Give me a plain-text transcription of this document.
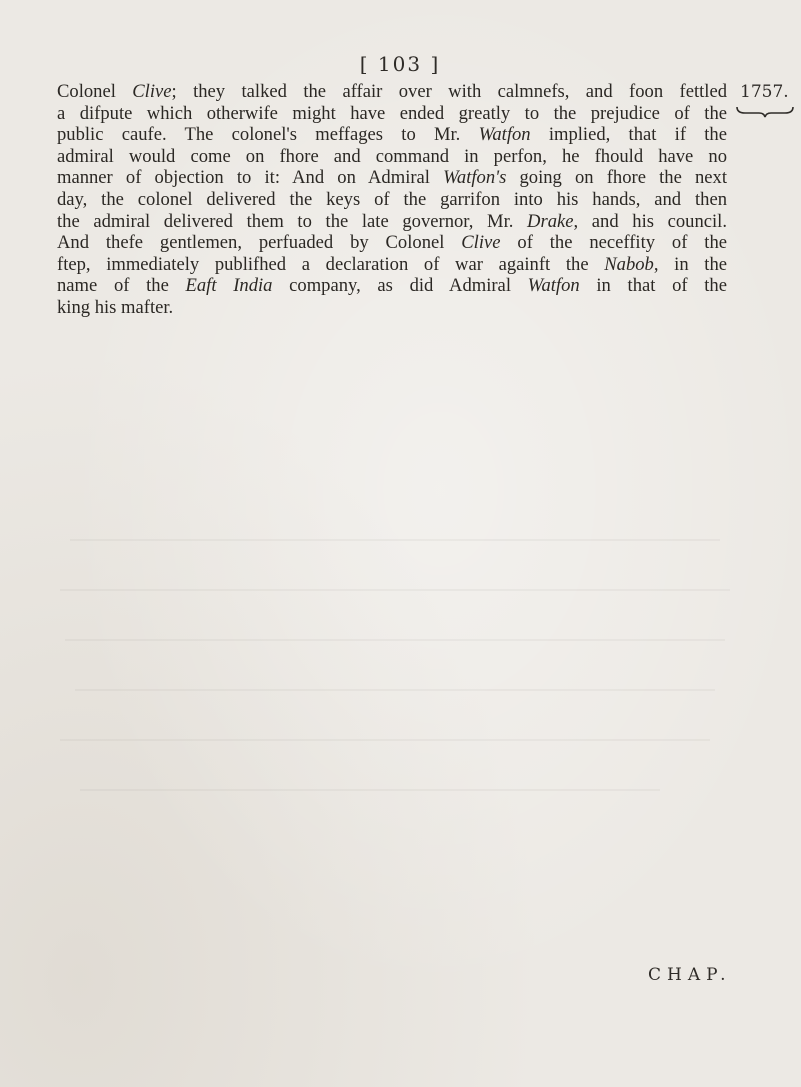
[ 103 ]
1757.
Colonel Clive; they talked the affair over with calmnefs, and foon fettled
a difpute which otherwife might have ended greatly to the prejudice of the
public caufe. The colonel's meffages to Mr. Watfon implied, that if the
admiral would come on fhore and command in perfon, he fhould have no
manner of objection to it: And on Admiral Watfon's going on fhore the next
day, the colonel delivered the keys of the garrifon into his hands, and then
the admiral delivered them to the late governor, Mr. Drake, and his council.
And thefe gentlemen, perfuaded by Colonel Clive of the neceffity of the
ftep, immediately publifhed a declaration of war againft the Nabob, in the
name of the Eaft India company, as did Admiral Watfon in that of the
king his mafter.
CHAP.
